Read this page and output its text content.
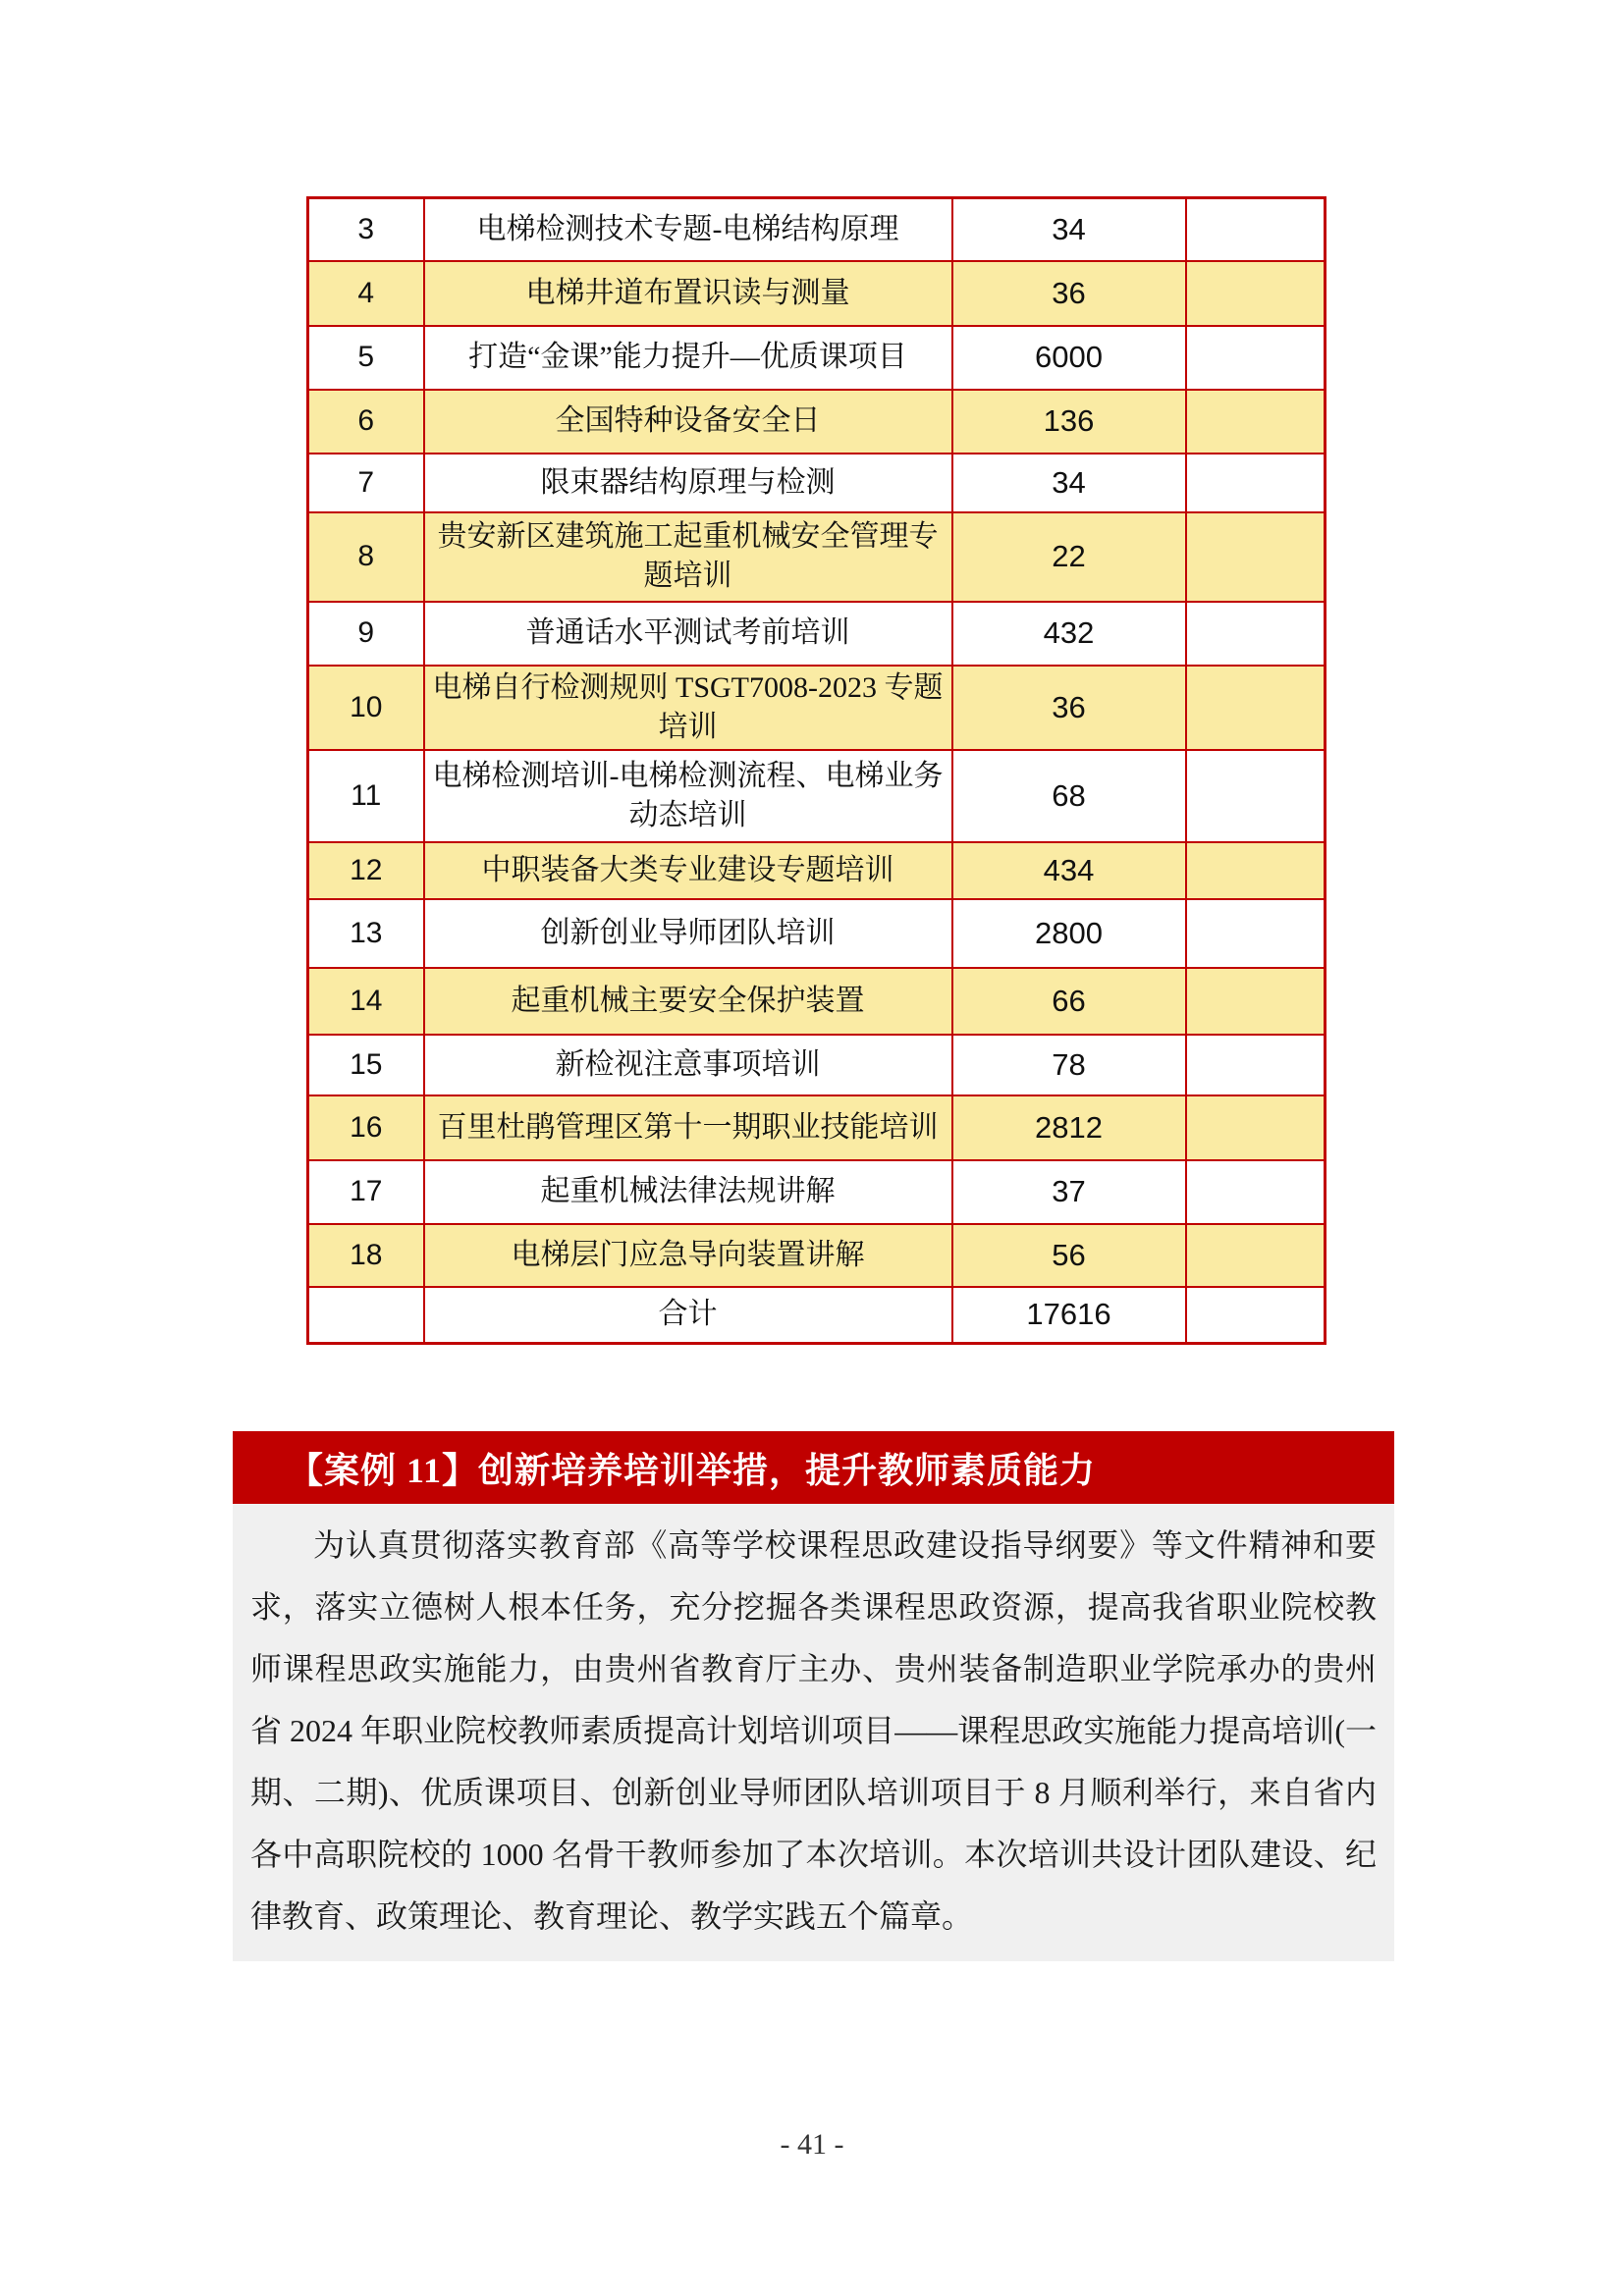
3	电梯检测技术专题-电梯结构原理	34	
4	电梯井道布置识读与测量	36	
5	打造“金课”能力提升—优质课项目	6000	
6	全国特种设备安全日	136	
7	限束器结构原理与检测	34	
8	贵安新区建筑施工起重机械安全管理专题培训	22	
9	普通话水平测试考前培训	432	
10	电梯自行检测规则 TSGT7008-2023 专题培训	36	
11	电梯检测培训-电梯检测流程、电梯业务动态培训	68	
12	中职装备大类专业建设专题培训	434	
13	创新创业导师团队培训	2800	
14	起重机械主要安全保护装置	66	
15	新检视注意事项培训	78	
16	百里杜鹃管理区第十一期职业技能培训	2812	
17	起重机械法律法规讲解	37	
18	电梯层门应急导向装置讲解	56	
	合计	17616	
【案例 11】创新培养培训举措，提升教师素质能力

为认真贯彻落实教育部《高等学校课程思政建设指导纲要》等文件精神和要求，落实立德树人根本任务，充分挖掘各类课程思政资源，提高我省职业院校教师课程思政实施能力，由贵州省教育厅主办、贵州装备制造职业学院承办的贵州省 2024 年职业院校教师素质提高计划培训项目——课程思政实施能力提高培训(一期、二期)、优质课项目、创新创业导师团队培训项目于 8 月顺利举行，来自省内各中高职院校的 1000 名骨干教师参加了本次培训。本次培训共设计团队建设、纪律教育、政策理论、教育理论、教学实践五个篇章。

- 41 -
